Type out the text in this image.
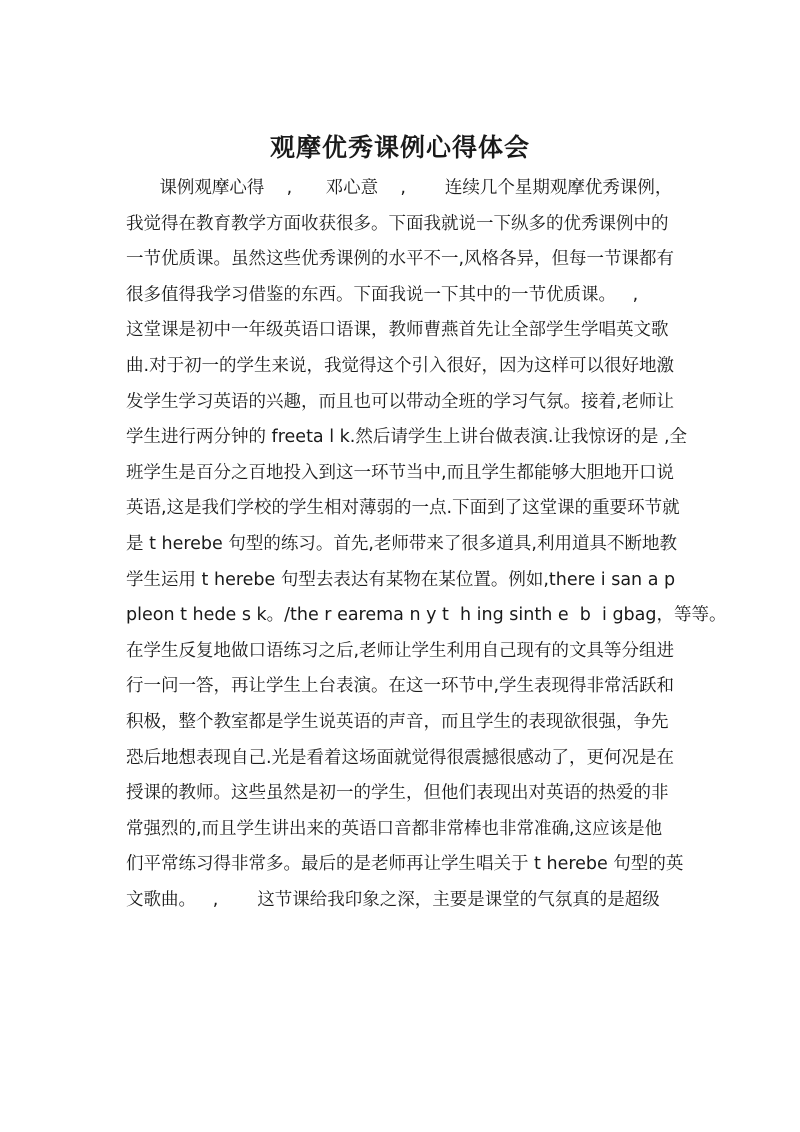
观摩优秀课例心得体会
课例观摩心得    ,      邓心意    ,       连续几个星期观摩优秀课例，
我觉得在教育教学方面收获很多。下面我就说一下纵多的优秀课例中的
一节优质课。虽然这些优秀课例的水平不一,风格各异，但每一节课都有
很多值得我学习借鉴的东西。下面我说一下其中的一节优质课。   ,
这堂课是初中一年级英语口语课，教师曹燕首先让全部学生学唱英文歌
曲.对于初一的学生来说，我觉得这个引入很好，因为这样可以很好地激
发学生学习英语的兴趣，而且也可以带动全班的学习气氛。接着,老师让
学生进行两分钟的 freeta l k.然后请学生上讲台做表演.让我惊讶的是 ,全
班学生是百分之百地投入到这一环节当中,而且学生都能够大胆地开口说
英语,这是我们学校的学生相对薄弱的一点.下面到了这堂课的重要环节就
是 t herebe 句型的练习。首先,老师带来了很多道具,利用道具不断地教
学生运用 t herebe 句型去表达有某物在某位置。例如,there i san a p
pleon t hede s k。/the r earema n y t  h ing sinth e  b  i gbag，等等。
在学生反复地做口语练习之后,老师让学生利用自己现有的文具等分组进
行一问一答，再让学生上台表演。在这一环节中,学生表现得非常活跃和
积极，整个教室都是学生说英语的声音，而且学生的表现欲很强，争先
恐后地想表现自己.光是看着这场面就觉得很震撼很感动了，更何况是在
授课的教师。这些虽然是初一的学生，但他们表现出对英语的热爱的非
常强烈的,而且学生讲出来的英语口音都非常棒也非常准确,这应该是他
们平常练习得非常多。最后的是老师再让学生唱关于 t herebe 句型的英
文歌曲。   ,       这节课给我印象之深，主要是课堂的气氛真的是超级
